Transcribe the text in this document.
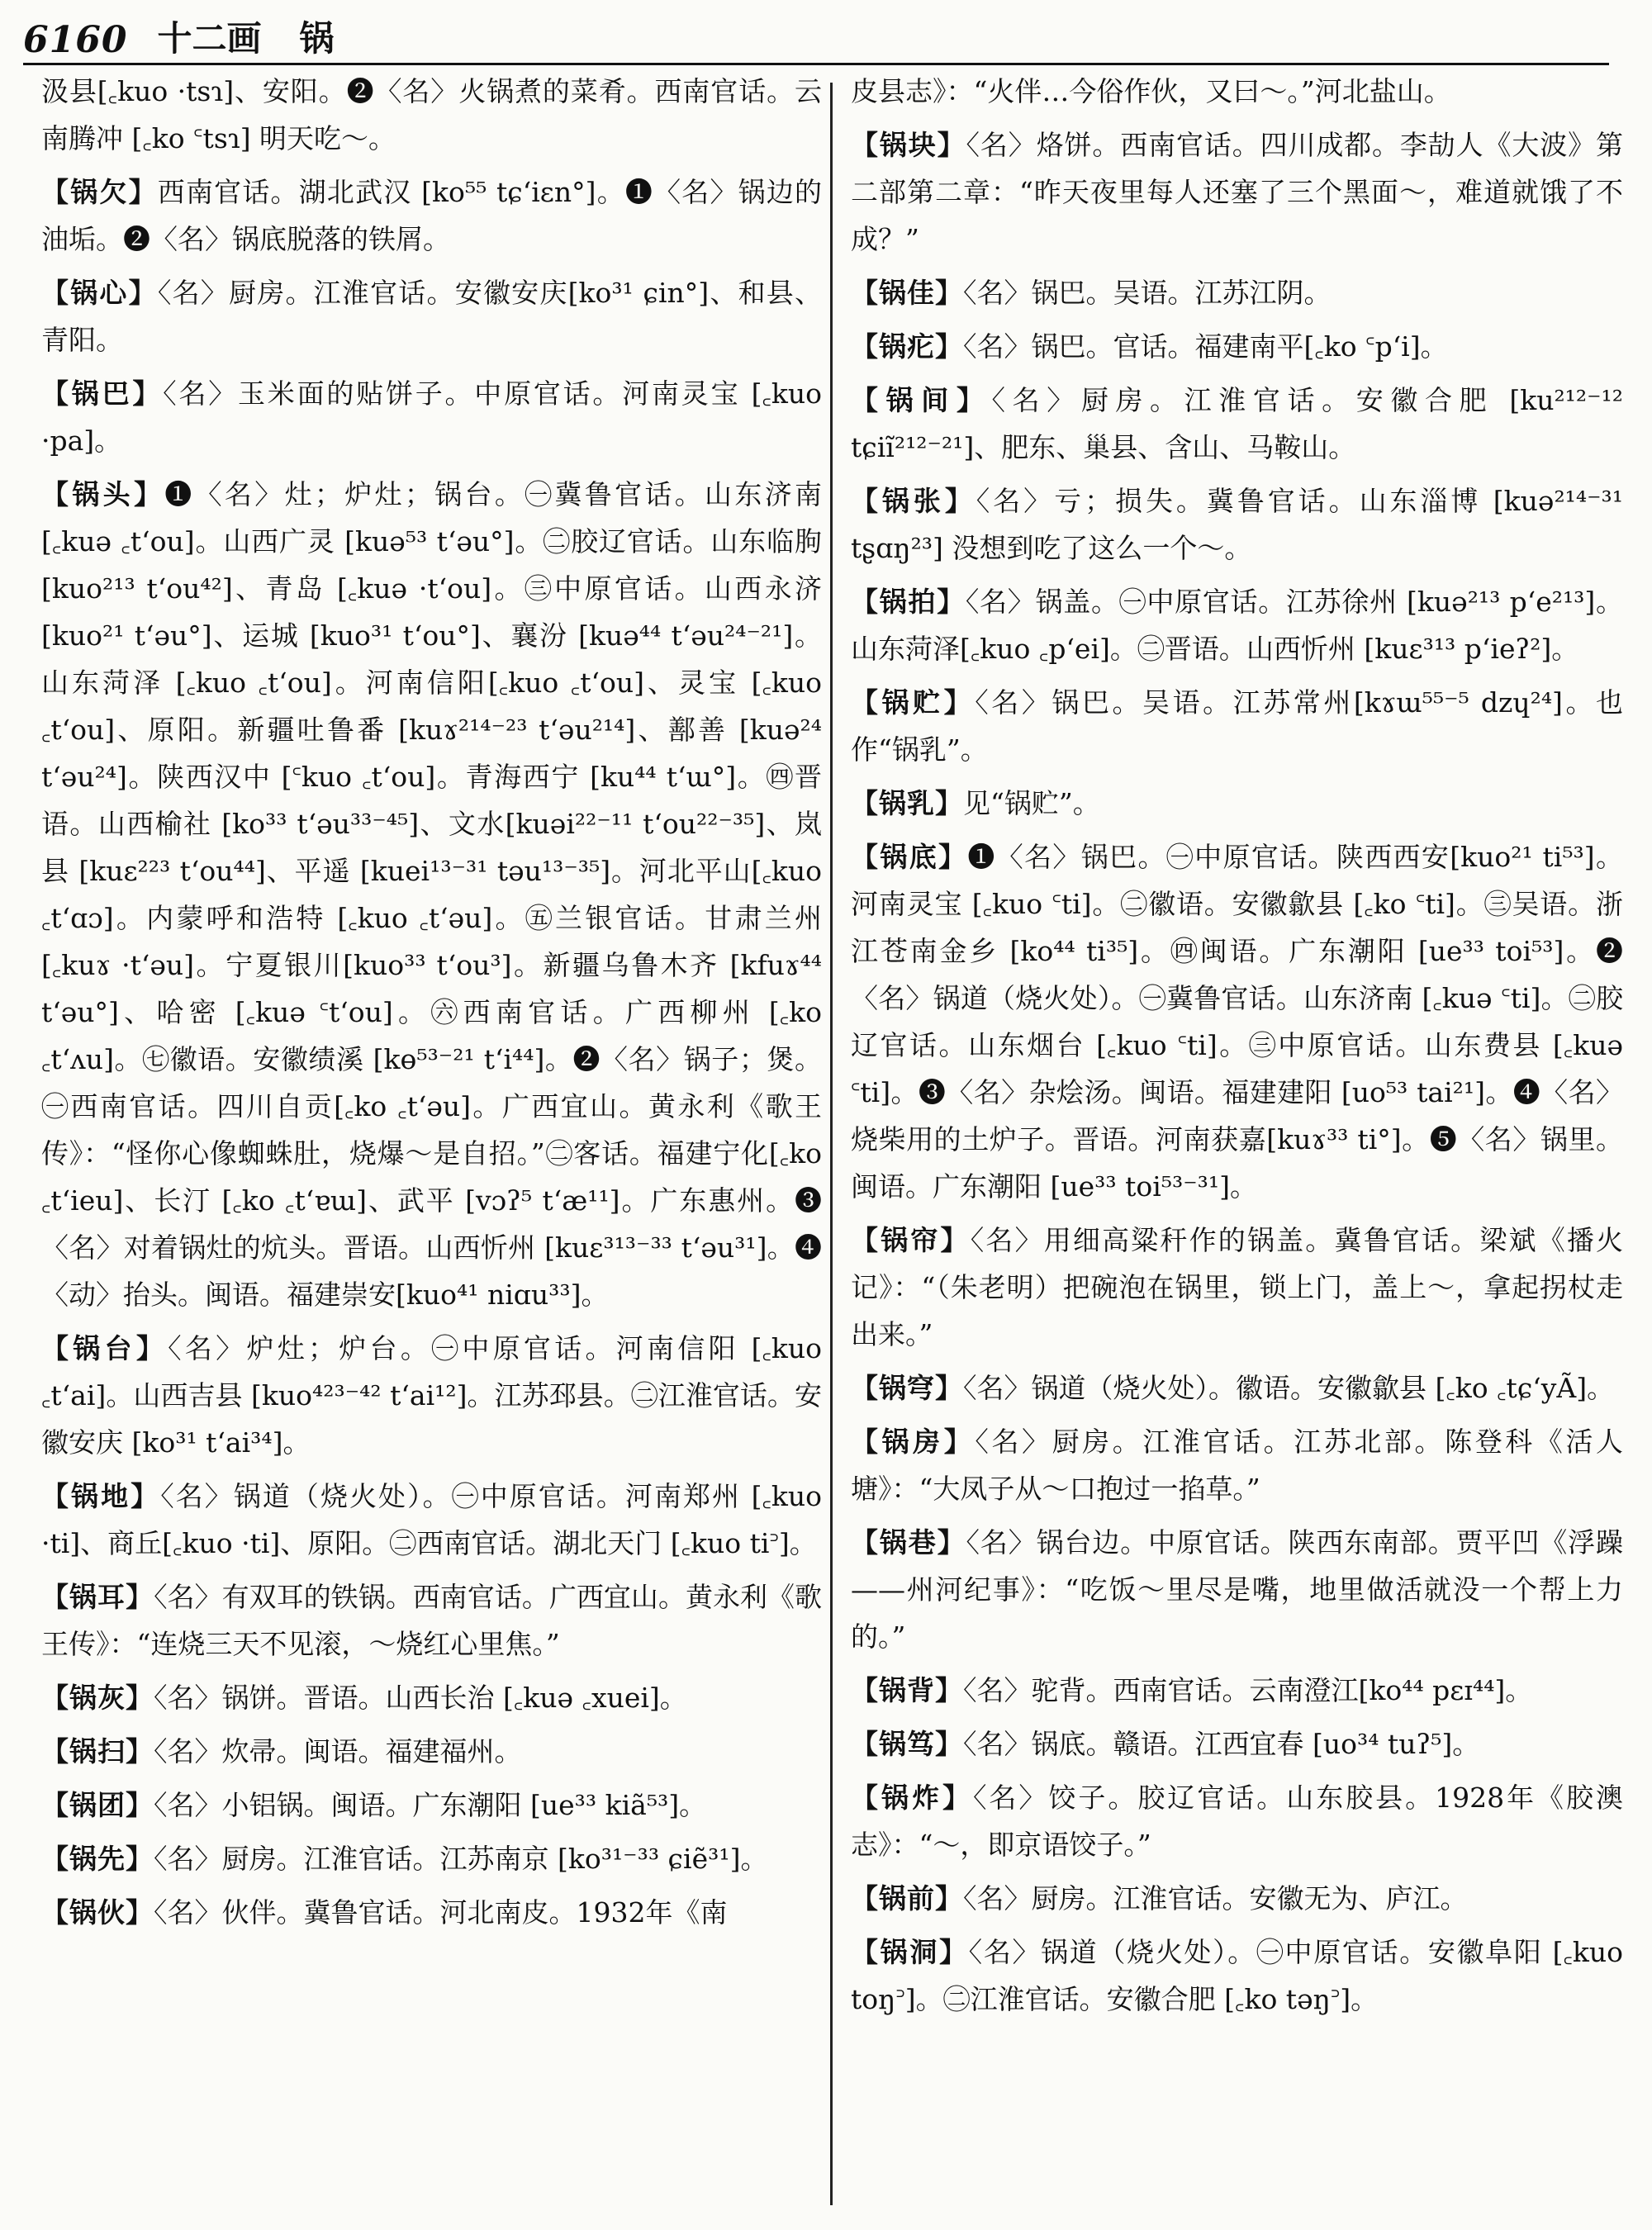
6160 十二画 锅
汲县[꜀kuo ·tsɿ]、安阳。❷〈名〉火锅煮的菜肴。西南官话。云南腾冲 [꜀ko ꜂tsɿ] 明天吃～。
【锅欠】西南官话。湖北武汉 [ko⁵⁵ tɕʻiɛn°]。❶〈名〉锅边的油垢。❷〈名〉锅底脱落的铁屑。
【锅心】〈名〉厨房。江淮官话。安徽安庆[ko³¹ ɕin°]、和县、青阳。
【锅巴】〈名〉玉米面的贴饼子。中原官话。河南灵宝 [꜀kuo ·pa]。
【锅头】❶〈名〉灶；炉灶；锅台。㊀冀鲁官话。山东济南 [꜀kuə ꜀tʻou]。山西广灵 [kuə⁵³ tʻəu°]。㊁胶辽官话。山东临朐 [kuo²¹³ tʻou⁴²]、青岛 [꜀kuə ·tʻou]。㊂中原官话。山西永济 [kuo²¹ tʻəu°]、运城 [kuo³¹ tʻou°]、襄汾 [kuə⁴⁴ tʻəu²⁴⁻²¹]。山东菏泽 [꜀kuo ꜀tʻou]。河南信阳[꜀kuo ꜀tʻou]、灵宝 [꜀kuo ꜀tʻou]、原阳。新疆吐鲁番 [kuɤ²¹⁴⁻²³ tʻəu²¹⁴]、鄯善 [kuə²⁴ tʻəu²⁴]。陕西汉中 [꜂kuo ꜀tʻou]。青海西宁 [ku⁴⁴ tʻɯ°]。㊃晋语。山西榆社 [ko³³ tʻəu³³⁻⁴⁵]、文水[kuəi²²⁻¹¹ tʻou²²⁻³⁵]、岚县 [kuɛ²²³ tʻou⁴⁴]、平遥 [kuei¹³⁻³¹ təu¹³⁻³⁵]。河北平山[꜀kuo ꜀tʻɑɔ]。内蒙呼和浩特 [꜀kuo ꜀tʻəu]。㊄兰银官话。甘肃兰州 [꜀kuɤ ·tʻəu]。宁夏银川[kuo³³ tʻou³]。新疆乌鲁木齐 [kfuɤ⁴⁴ tʻəu°]、哈密 [꜀kuə ꜂tʻou]。㊅西南官话。广西柳州 [꜀ko ꜀tʻʌu]。㊆徽语。安徽绩溪 [kɵ⁵³⁻²¹ tʻi⁴⁴]。❷〈名〉锅子；煲。㊀西南官话。四川自贡[꜀ko ꜀tʻəu]。广西宜山。黄永利《歌王传》：“怪你心像蜘蛛肚，烧爆～是自招。”㊁客话。福建宁化[꜀ko ꜀tʻieu]、长汀 [꜀ko ꜀tʻɐɯ]、武平 [vɔʔ⁵ tʻæ¹¹]。广东惠州。❸〈名〉对着锅灶的炕头。晋语。山西忻州 [kuɛ³¹³⁻³³ tʻəu³¹]。❹〈动〉抬头。闽语。福建崇安[kuo⁴¹ niɑu³³]。
【锅台】〈名〉炉灶；炉台。㊀中原官话。河南信阳 [꜀kuo ꜀tʻai]。山西吉县 [kuo⁴²³⁻⁴² tʻai¹²]。江苏邳县。㊁江淮官话。安徽安庆 [ko³¹ tʻai³⁴]。
【锅地】〈名〉锅道（烧火处）。㊀中原官话。河南郑州 [꜀kuo ·ti]、商丘[꜀kuo ·ti]、原阳。㊁西南官话。湖北天门 [꜀kuo ti꜄]。
【锅耳】〈名〉有双耳的铁锅。西南官话。广西宜山。黄永利《歌王传》：“连烧三天不见滚，～烧红心里焦。”
【锅灰】〈名〉锅饼。晋语。山西长治 [꜀kuə ꜀xuei]。
【锅扫】〈名〉炊帚。闽语。福建福州。
【锅团】〈名〉小铝锅。闽语。广东潮阳 [ue³³ kiã⁵³]。
【锅先】〈名〉厨房。江淮官话。江苏南京 [ko³¹⁻³³ ɕiẽ³¹]。
【锅伙】〈名〉伙伴。冀鲁官话。河北南皮。1932年《南
皮县志》：“火伴…今俗作伙，又曰～。”河北盐山。
【锅块】〈名〉烙饼。西南官话。四川成都。李劼人《大波》第二部第二章：“昨天夜里每人还塞了三个黑面～，难道就饿了不成？”
【锅佳】〈名〉锅巴。吴语。江苏江阴。
【锅疕】〈名〉锅巴。官话。福建南平[꜀ko ꜂pʻi]。
【锅间】〈名〉厨房。江淮官话。安徽合肥 [ku²¹²⁻¹² tɕiĩ²¹²⁻²¹]、肥东、巢县、含山、马鞍山。
【锅张】〈名〉亏；损失。冀鲁官话。山东淄博 [kuə²¹⁴⁻³¹ tʂɑŋ²³] 没想到吃了这么一个～。
【锅拍】〈名〉锅盖。㊀中原官话。江苏徐州 [kuə²¹³ pʻe²¹³]。山东菏泽[꜀kuo ꜀pʻei]。㊁晋语。山西忻州 [kuɛ³¹³ pʻieʔ²]。
【锅贮】〈名〉锅巴。吴语。江苏常州[kɤɯ⁵⁵⁻⁵ dzɥ²⁴]。也作“锅乳”。
【锅乳】见“锅贮”。
【锅底】❶〈名〉锅巴。㊀中原官话。陕西西安[kuo²¹ ti⁵³]。河南灵宝 [꜀kuo ꜂ti]。㊁徽语。安徽歙县 [꜀ko ꜂ti]。㊂吴语。浙江苍南金乡 [ko⁴⁴ ti³⁵]。㊃闽语。广东潮阳 [ue³³ toi⁵³]。❷〈名〉锅道（烧火处）。㊀冀鲁官话。山东济南 [꜀kuə ꜂ti]。㊁胶辽官话。山东烟台 [꜀kuo ꜂ti]。㊂中原官话。山东费县 [꜀kuə ꜂ti]。❸〈名〉杂烩汤。闽语。福建建阳 [uo⁵³ tai²¹]。❹〈名〉烧柴用的土炉子。晋语。河南获嘉[kuɤ³³ ti°]。❺〈名〉锅里。闽语。广东潮阳 [ue³³ toi⁵³⁻³¹]。
【锅帘】〈名〉用细高粱秆作的锅盖。冀鲁官话。梁斌《播火记》：“（朱老明）把碗泡在锅里，锁上门，盖上～，拿起拐杖走出来。”
【锅穹】〈名〉锅道（烧火处）。徽语。安徽歙县 [꜀ko ꜀tɕʻyÃ]。
【锅房】〈名〉厨房。江淮官话。江苏北部。陈登科《活人塘》：“大凤子从～口抱过一掐草。”
【锅巷】〈名〉锅台边。中原官话。陕西东南部。贾平凹《浮躁——州河纪事》：“吃饭～里尽是嘴，地里做活就没一个帮上力的。”
【锅背】〈名〉驼背。西南官话。云南澄江[ko⁴⁴ pɛɪ⁴⁴]。
【锅笃】〈名〉锅底。赣语。江西宜春 [uo³⁴ tuʔ⁵]。
【锅炸】〈名〉饺子。胶辽官话。山东胶县。1928年《胶澳志》：“～，即京语饺子。”
【锅前】〈名〉厨房。江淮官话。安徽无为、庐江。
【锅洞】〈名〉锅道（烧火处）。㊀中原官话。安徽阜阳 [꜀kuo toŋ꜄]。㊁江淮官话。安徽合肥 [꜀ko təŋ꜄]。
